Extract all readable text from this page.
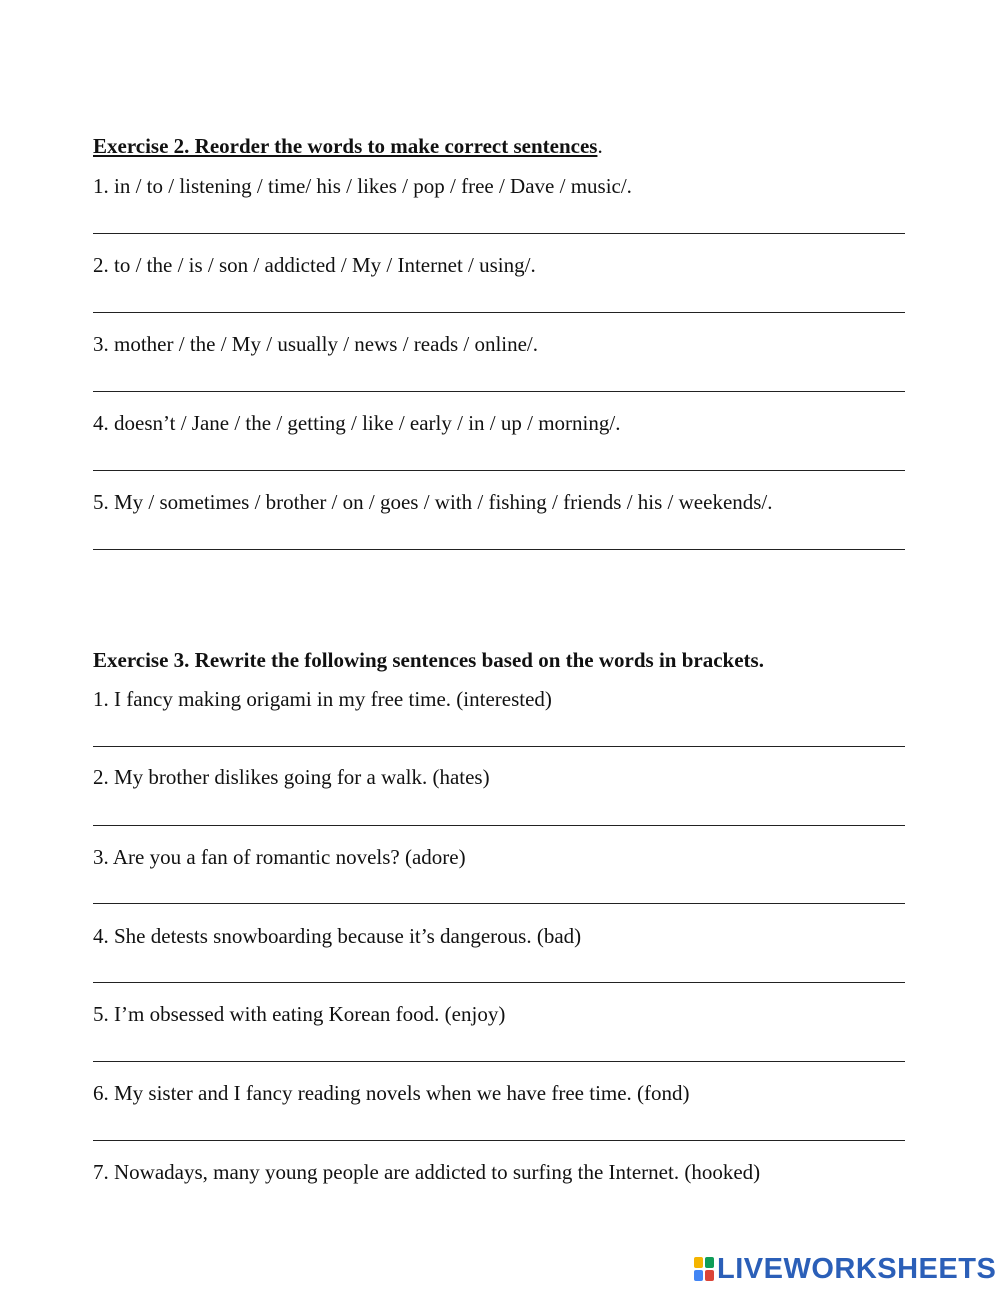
Exercise 2. Reorder the words to make correct sentences.
1. in / to / listening / time/ his / likes / pop / free / Dave / music/.
2. to / the / is / son / addicted / My / Internet / using/.
3. mother / the / My / usually / news / reads / online/.
4. doesn’t / Jane / the / getting / like / early / in / up / morning/.
5. My / sometimes / brother / on / goes / with / fishing / friends / his / weekends/.
Exercise 3. Rewrite the following sentences based on the words in brackets.
1. I fancy making origami in my free time. (interested)
2. My brother dislikes going for a walk. (hates)
3. Are you a fan of romantic novels? (adore)
4. She detests snowboarding because it’s dangerous. (bad)
5. I’m obsessed with eating Korean food. (enjoy)
6. My sister and I fancy reading novels when we have free time. (fond)
7. Nowadays, many young people are addicted to surfing the Internet. (hooked)
LIVEWORKSHEETS
